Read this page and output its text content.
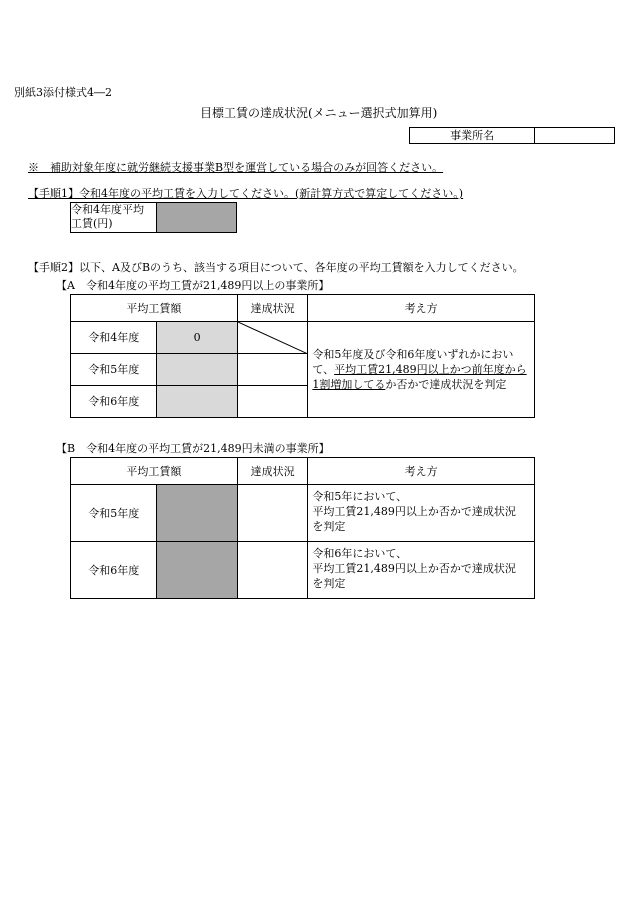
別紙3添付様式4―2
目標工賃の達成状況(メニュー選択式加算用)
事業所名	
※　補助対象年度に就労継続支援事業B型を運営している場合のみが回答ください。
【手順1】令和4年度の平均工賃を入力してください。(新計算方式で算定してください。)
令和4年度平均
工賃(円)	
【手順2】以下、A及びBのうち、該当する項目について、各年度の平均工賃額を入力してください。
【A　令和4年度の平均工賃が21,489円以上の事業所】
平均工賃額		達成状況	考え方
令和4年度	0		令和5年度及び令和6年度いずれかにおい
て、平均工賃21,489円以上かつ前年度から
1割増加してるか否かで達成状況を判定
令和5年度			
令和6年度			
【B　令和4年度の平均工賃が21,489円未満の事業所】
平均工賃額		達成状況	考え方
令和5年度			令和5年において、
平均工賃21,489円以上か否かで達成状況
を判定
令和6年度			令和6年において、
平均工賃21,489円以上か否かで達成状況
を判定
